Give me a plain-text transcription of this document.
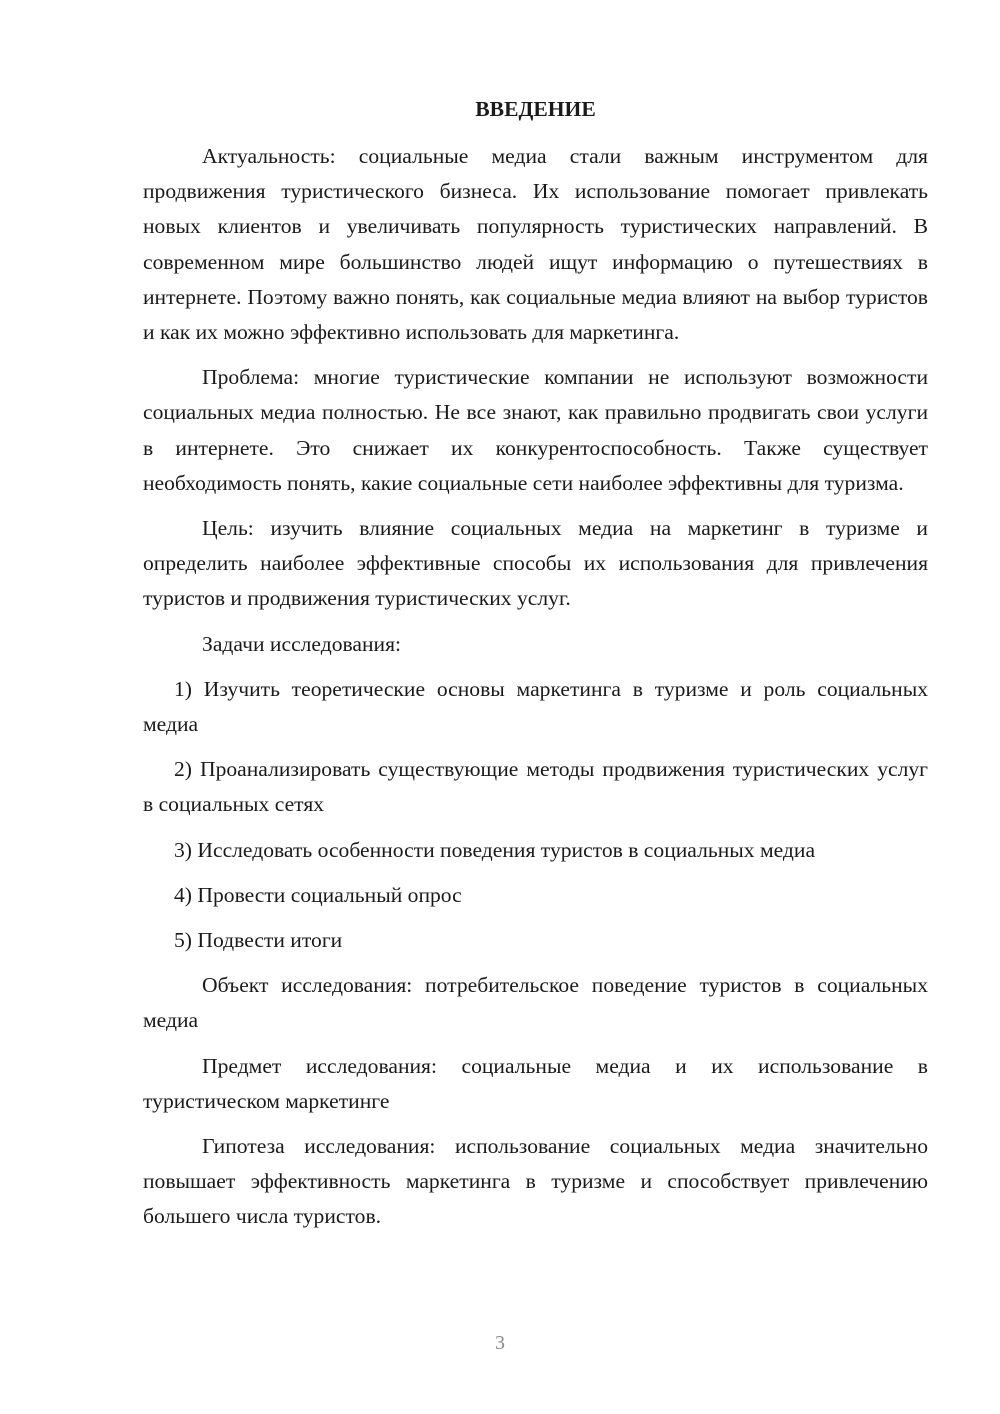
ВВЕДЕНИЕ

Актуальность: социальные медиа стали важным инструментом для продвижения туристического бизнеса. Их использование помогает привлекать новых клиентов и увеличивать популярность туристических направлений. В современном мире большинство людей ищут информацию о путешествиях в интернете. Поэтому важно понять, как социальные медиа влияют на выбор туристов и как их можно эффективно использовать для маркетинга.

Проблема: многие туристические компании не используют возможности социальных медиа полностью. Не все знают, как правильно продвигать свои услуги в интернете. Это снижает их конкурентоспособность. Также существует необходимость понять, какие социальные сети наиболее эффективны для туризма.

Цель: изучить влияние социальных медиа на маркетинг в туризме и определить наиболее эффективные способы их использования для привлечения туристов и продвижения туристических услуг.

Задачи исследования:

1) Изучить теоретические основы маркетинга в туризме и роль социальных медиа

2) Проанализировать существующие методы продвижения туристических услуг в социальных сетях

3) Исследовать особенности поведения туристов в социальных медиа

4) Провести социальный опрос

5) Подвести итоги

Объект исследования: потребительское поведение туристов в социальных медиа

Предмет исследования: социальные медиа и их использование в туристическом маркетинге

Гипотеза исследования: использование социальных медиа значительно повышает эффективность маркетинга в туризме и способствует привлечению большего числа туристов.

3
